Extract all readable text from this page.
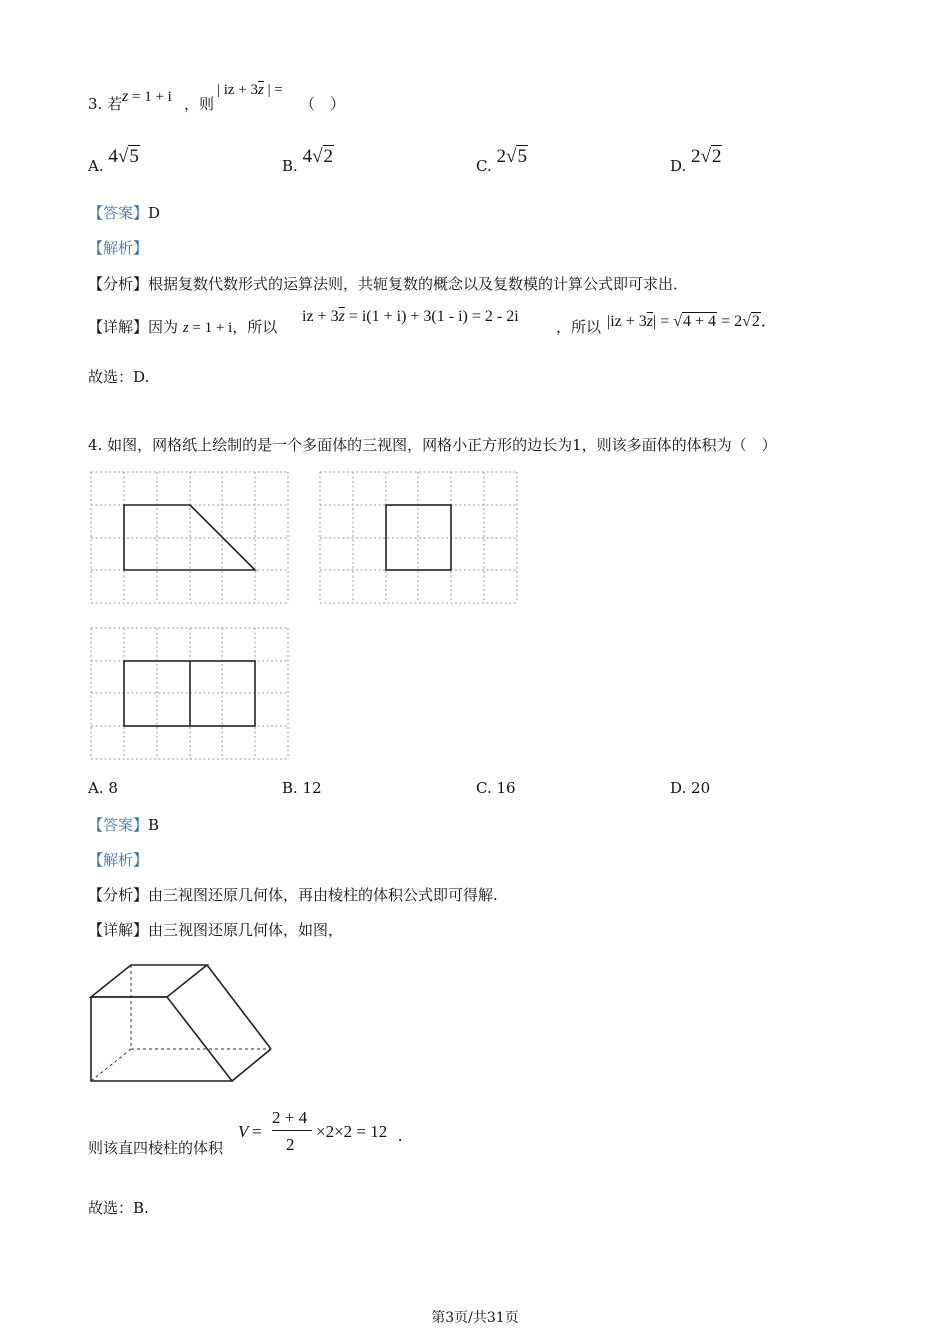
3. 若 z = 1 + i ，则
| iz + $3\overline{z}$ | =
（　）
A. 4√5	B. 4√2	C. 2√5	D. 2√2
【答案】D
【解析】
【分析】根据复数代数形式的运算法则，共轭复数的概念以及复数模的计算公式即可求出．
【详解】因为 z = 1 + i，所以
iz + $3\overline{z} = i(1 + i) + 3(1 - i) = 2 - 2i$
，所以 $|iz + 3\overline{z}| = √4 + 4 = 2√2$．
故选：D.
4. 如图，网格纸上绘制的是一个多面体的三视图，网格小正方形的边长为1，则该多面体的体积为（　）
A. 8	B. 12	C. 16	D. 20
【答案】B
【解析】
【分析】由三视图还原几何体，再由棱柱的体积公式即可得解.
【详解】由三视图还原几何体，如图，
则该直四棱柱的体积
V =
2 + 4
2
×2×2 = 12 .
故选：B.
第3页/共31页
